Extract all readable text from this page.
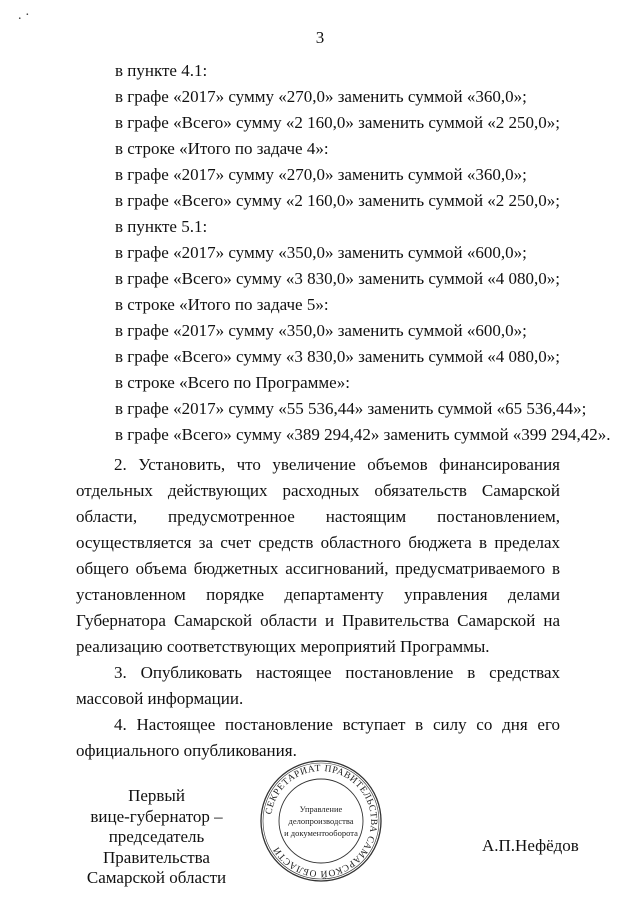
. ·
3
в пункте 4.1:
в графе «2017» сумму «270,0» заменить суммой «360,0»;
в графе «Всего» сумму «2 160,0» заменить суммой «2 250,0»;
в строке «Итого по задаче 4»:
в графе «2017» сумму «270,0» заменить суммой «360,0»;
в графе «Всего» сумму «2 160,0» заменить суммой «2 250,0»;
в пункте 5.1:
в графе «2017» сумму «350,0» заменить суммой «600,0»;
в графе «Всего» сумму «3 830,0» заменить суммой «4 080,0»;
в строке «Итого по задаче 5»:
в графе «2017» сумму «350,0» заменить суммой «600,0»;
в графе «Всего» сумму «3 830,0» заменить суммой «4 080,0»;
в строке «Всего по Программе»:
в графе «2017» сумму «55 536,44» заменить суммой «65 536,44»;
в графе «Всего» сумму «389 294,42» заменить суммой «399 294,42».

2. Установить, что увеличение объемов финансирования отдельных действующих расходных обязательств Самарской области, предусмотренное настоящим постановлением, осуществляется за счет средств областного бюджета в пределах общего объема бюджетных ассигнований, предусматриваемого в установленном порядке департаменту управления делами Губернатора Самарской области и Правительства Самарской на реализацию соответствующих мероприятий Программы.

3. Опубликовать настоящее постановление в средствах массовой информации.

4. Настоящее постановление вступает в силу со дня его официального опубликования.

Первый
вице-губернатор –
председатель Правительства
Самарской области
СЕКРЕТАРИАТ ПРАВИТЕЛЬСТВА САМАРСКОЙ ОБЛАСТИ
Управление
делопроизводства
и документооборота
А.П.Нефёдов
